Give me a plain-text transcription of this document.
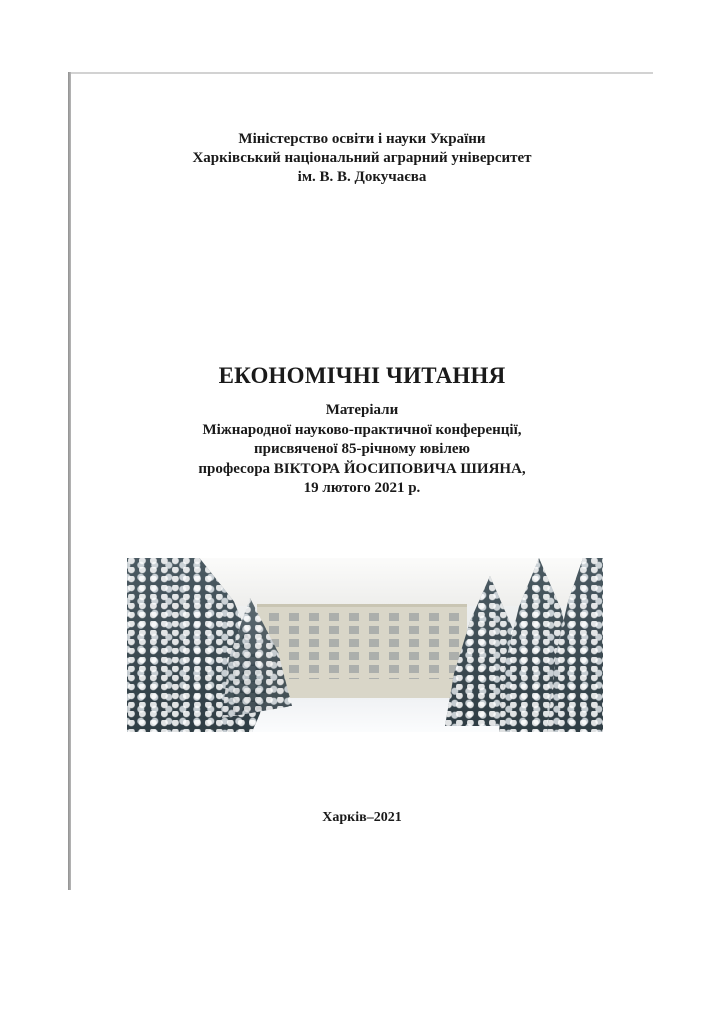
Міністерство освіти і науки України
Харківський національний аграрний університет
ім. В. В. Докучаєва
ЕКОНОМІЧНІ ЧИТАННЯ
Матеріали
Міжнародної науково-практичної конференції,
присвяченої 85-річному ювілею
професора ВІКТОРА ЙОСИПОВИЧА ШИЯНА,
19 лютого 2021 р.
Харків–2021
